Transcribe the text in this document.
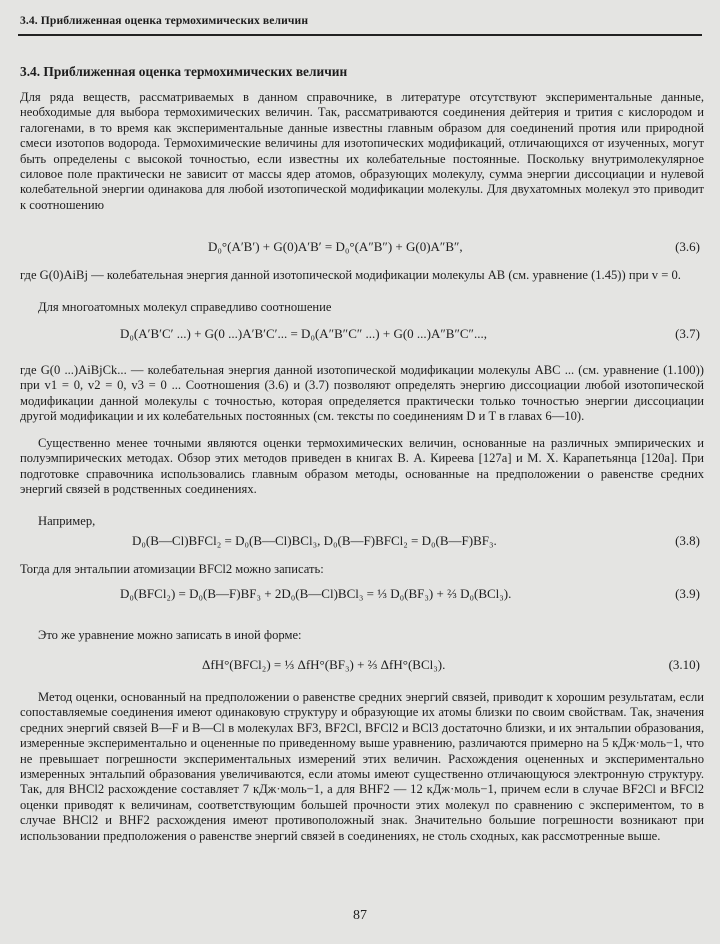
3.4. Приближенная оценка термохимических величин
3.4. Приближенная оценка термохимических величин

Для ряда веществ, рассматриваемых в данном справочнике, в литературе отсутствуют экспериментальные данные, необходимые для выбора термохимических величин. Так, рассматриваются соединения дейтерия и трития с кислородом и галогенами, в то время как экспериментальные данные известны главным образом для соединений протия или природной смеси изотопов водорода. Термохимические величины для изотопических модификаций, отличающихся от изученных, могут быть определены с высокой точностью, если известны их колебательные постоянные. Поскольку внутримолекулярное силовое поле практически не зависит от массы ядер атомов, образующих молекулу, сумма энергии диссоциации и нулевой колебательной энергии одинакова для любой изотопической модификации молекулы. Для двухатомных молекул это приводит к соотношению

D₀°(A′B′) + G(0)A′B′ = D₀°(A″B″) + G(0)A″B″,	(3.6)

где G(0)AiBj — колебательная энергия данной изотопической модификации молекулы AB (см. уравнение (1.45)) при v = 0.

Для многоатомных молекул справедливо соотношение

D₀(A′B′C′ ...) + G(0 ...)A′B′C′... = D₀(A″B″C″ ...) + G(0 ...)A″B″C″...,	(3.7)

где G(0 ...)AiBjCk... — колебательная энергия данной изотопической модификации молекулы ABC ... (см. уравнение (1.100)) при v1 = 0, v2 = 0, v3 = 0 ... Соотношения (3.6) и (3.7) позволяют определять энергию диссоциации любой изотопической модификации данной молекулы с точностью, которая определяется практически только точностью энергии диссоциации другой модификации и их колебательных постоянных (см. тексты по соединениям D и T в главах 6—10).

Существенно менее точными являются оценки термохимических величин, основанные на различных эмпирических и полуэмпирических методах. Обзор этих методов приведен в книгах В. А. Киреева [127а] и М. Х. Карапетьянца [120а]. При подготовке справочника использовались главным образом методы, основанные на предположении о равенстве средних энергий связей в родственных соединениях.

Например,

D₀(B—Cl)BFCl₂ = D₀(B—Cl)BCl₃, D₀(B—F)BFCl₂ = D₀(B—F)BF₃.	(3.8)

Тогда для энтальпии атомизации BFCl2 можно записать:

D₀(BFCl₂) = D₀(B—F)BF₃ + 2D₀(B—Cl)BCl₃ = ⅓ D₀(BF₃) + ⅔ D₀(BCl₃).	(3.9)

Это же уравнение можно записать в иной форме:

ΔfH°(BFCl₂) = ⅓ ΔfH°(BF₃) + ⅔ ΔfH°(BCl₃).	(3.10)

Метод оценки, основанный на предположении о равенстве средних энергий связей, приводит к хорошим результатам, если сопоставляемые соединения имеют одинаковую структуру и образующие их атомы близки по своим свойствам. Так, значения средних энергий связей B—F и B—Cl в молекулах BF3, BF2Cl, BFCl2 и BCl3 достаточно близки, и их энтальпии образования, измеренные экспериментально и оцененные по приведенному выше уравнению, различаются примерно на 5 кДж·моль−1, что не превышает погрешности экспериментальных измерений этих величин. Расхождения оцененных и экспериментально измеренных энтальпий образования увеличиваются, если атомы имеют существенно отличающуюся электронную структуру. Так, для BHCl2 расхождение составляет 7 кДж·моль−1, а для BHF2 — 12 кДж·моль−1, причем если в случае BF2Cl и BFCl2 оценки приводят к величинам, соответствующим большей прочности этих молекул по сравнению с экспериментом, то в случае BHCl2 и BHF2 расхождения имеют противоположный знак. Значительно большие погрешности возникают при использовании предположения о равенстве энергий связей в соединениях, не столь сходных, как рассмотренные выше.

87
